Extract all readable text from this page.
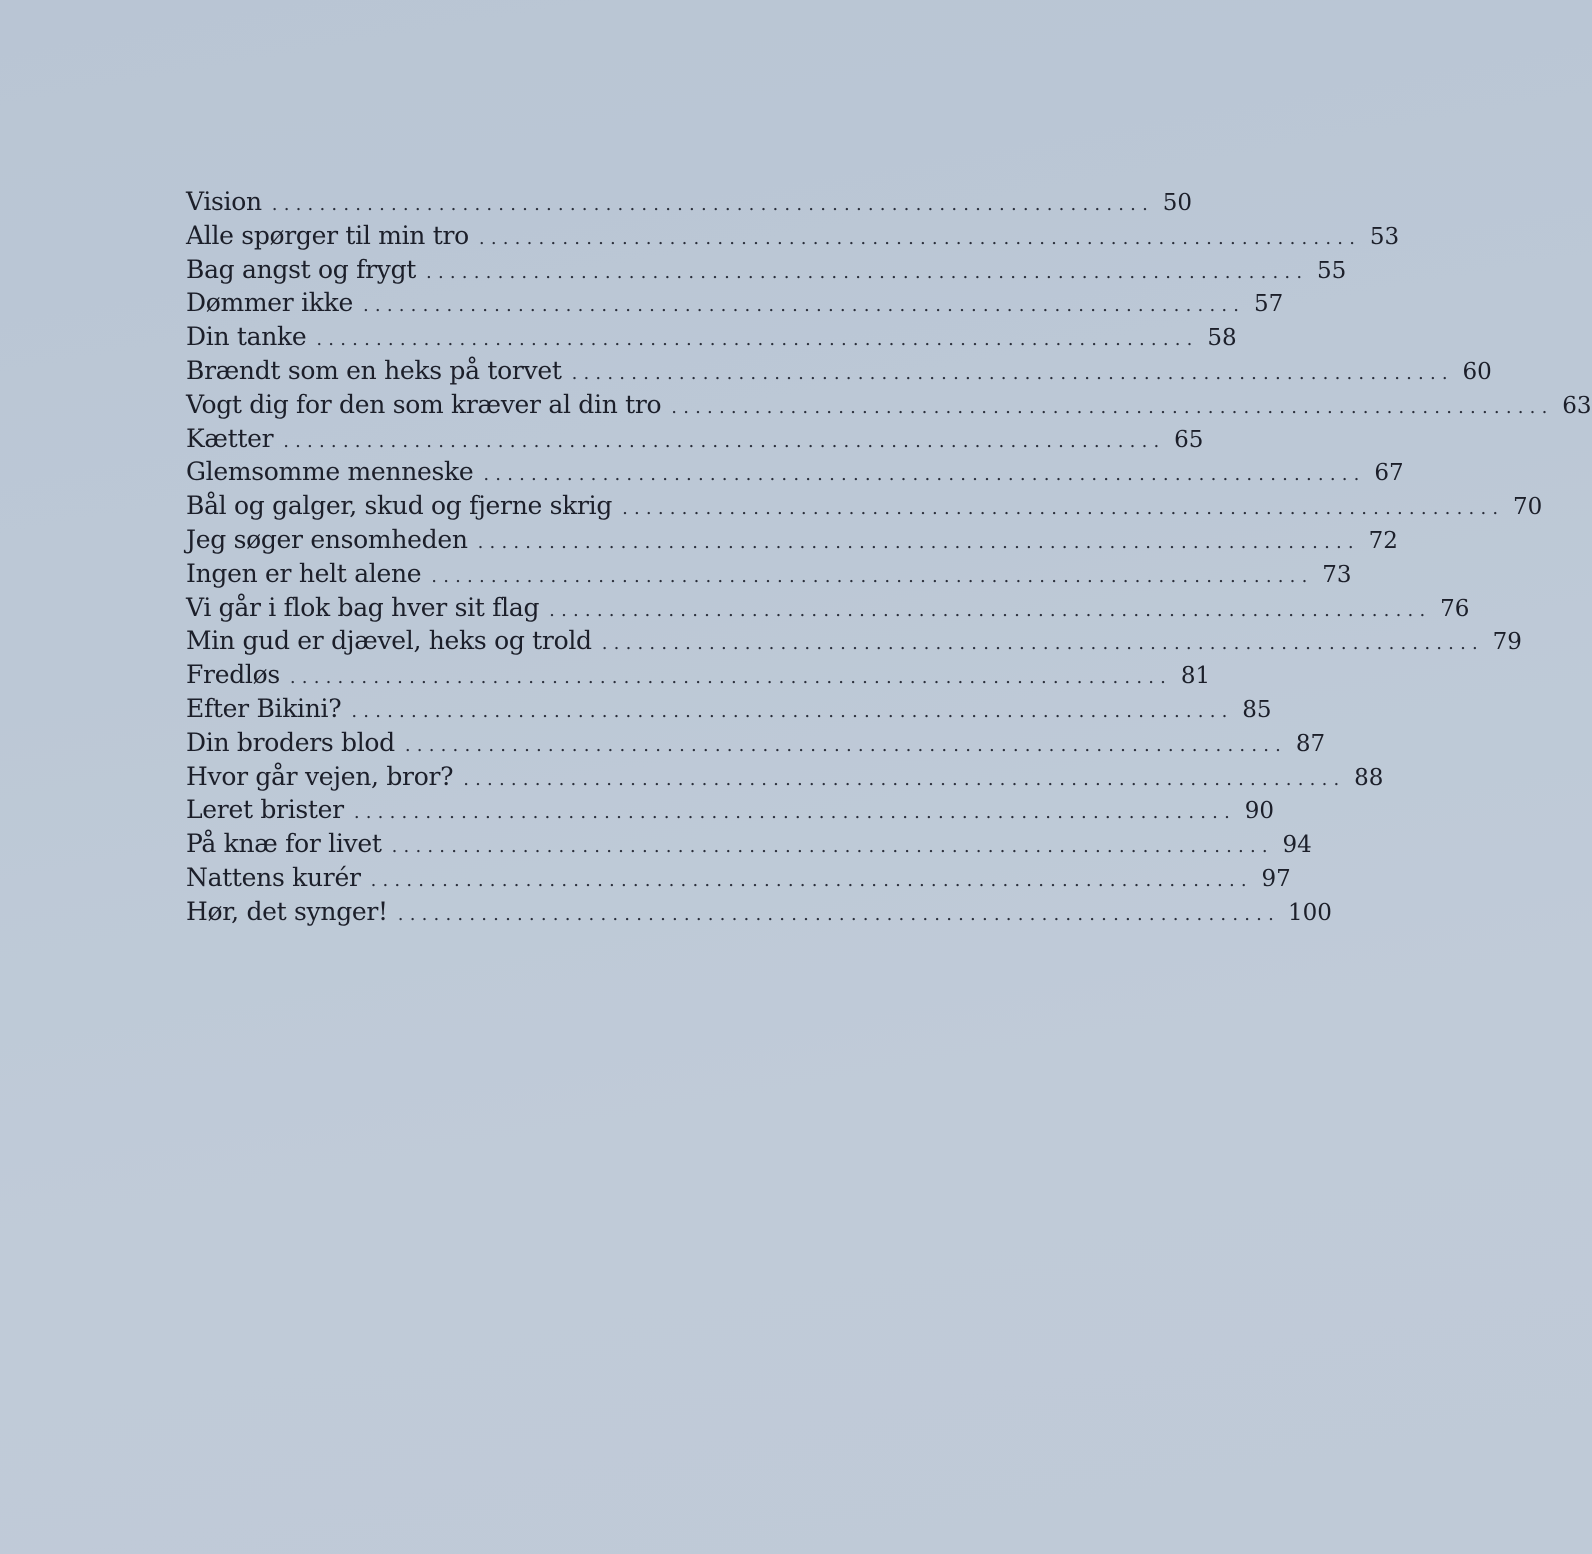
Vision .......................................................................... 50
Alle spørger til min tro .......................................................................... 53
Bag angst og frygt .......................................................................... 55
Dømmer ikke .......................................................................... 57
Din tanke .......................................................................... 58
Brændt som en heks på torvet .......................................................................... 60
Vogt dig for den som kræver al din tro .......................................................................... 63
Kætter .......................................................................... 65
Glemsomme menneske .......................................................................... 67
Bål og galger, skud og fjerne skrig .......................................................................... 70
Jeg søger ensomheden .......................................................................... 72
Ingen er helt alene .......................................................................... 73
Vi går i flok bag hver sit flag .......................................................................... 76
Min gud er djævel, heks og trold .......................................................................... 79
Fredløs .......................................................................... 81
Efter Bikini? .......................................................................... 85
Din broders blod .......................................................................... 87
Hvor går vejen, bror? .......................................................................... 88
Leret brister .......................................................................... 90
På knæ for livet .......................................................................... 94
Nattens kurér .......................................................................... 97
Hør, det synger! .......................................................................... 100
